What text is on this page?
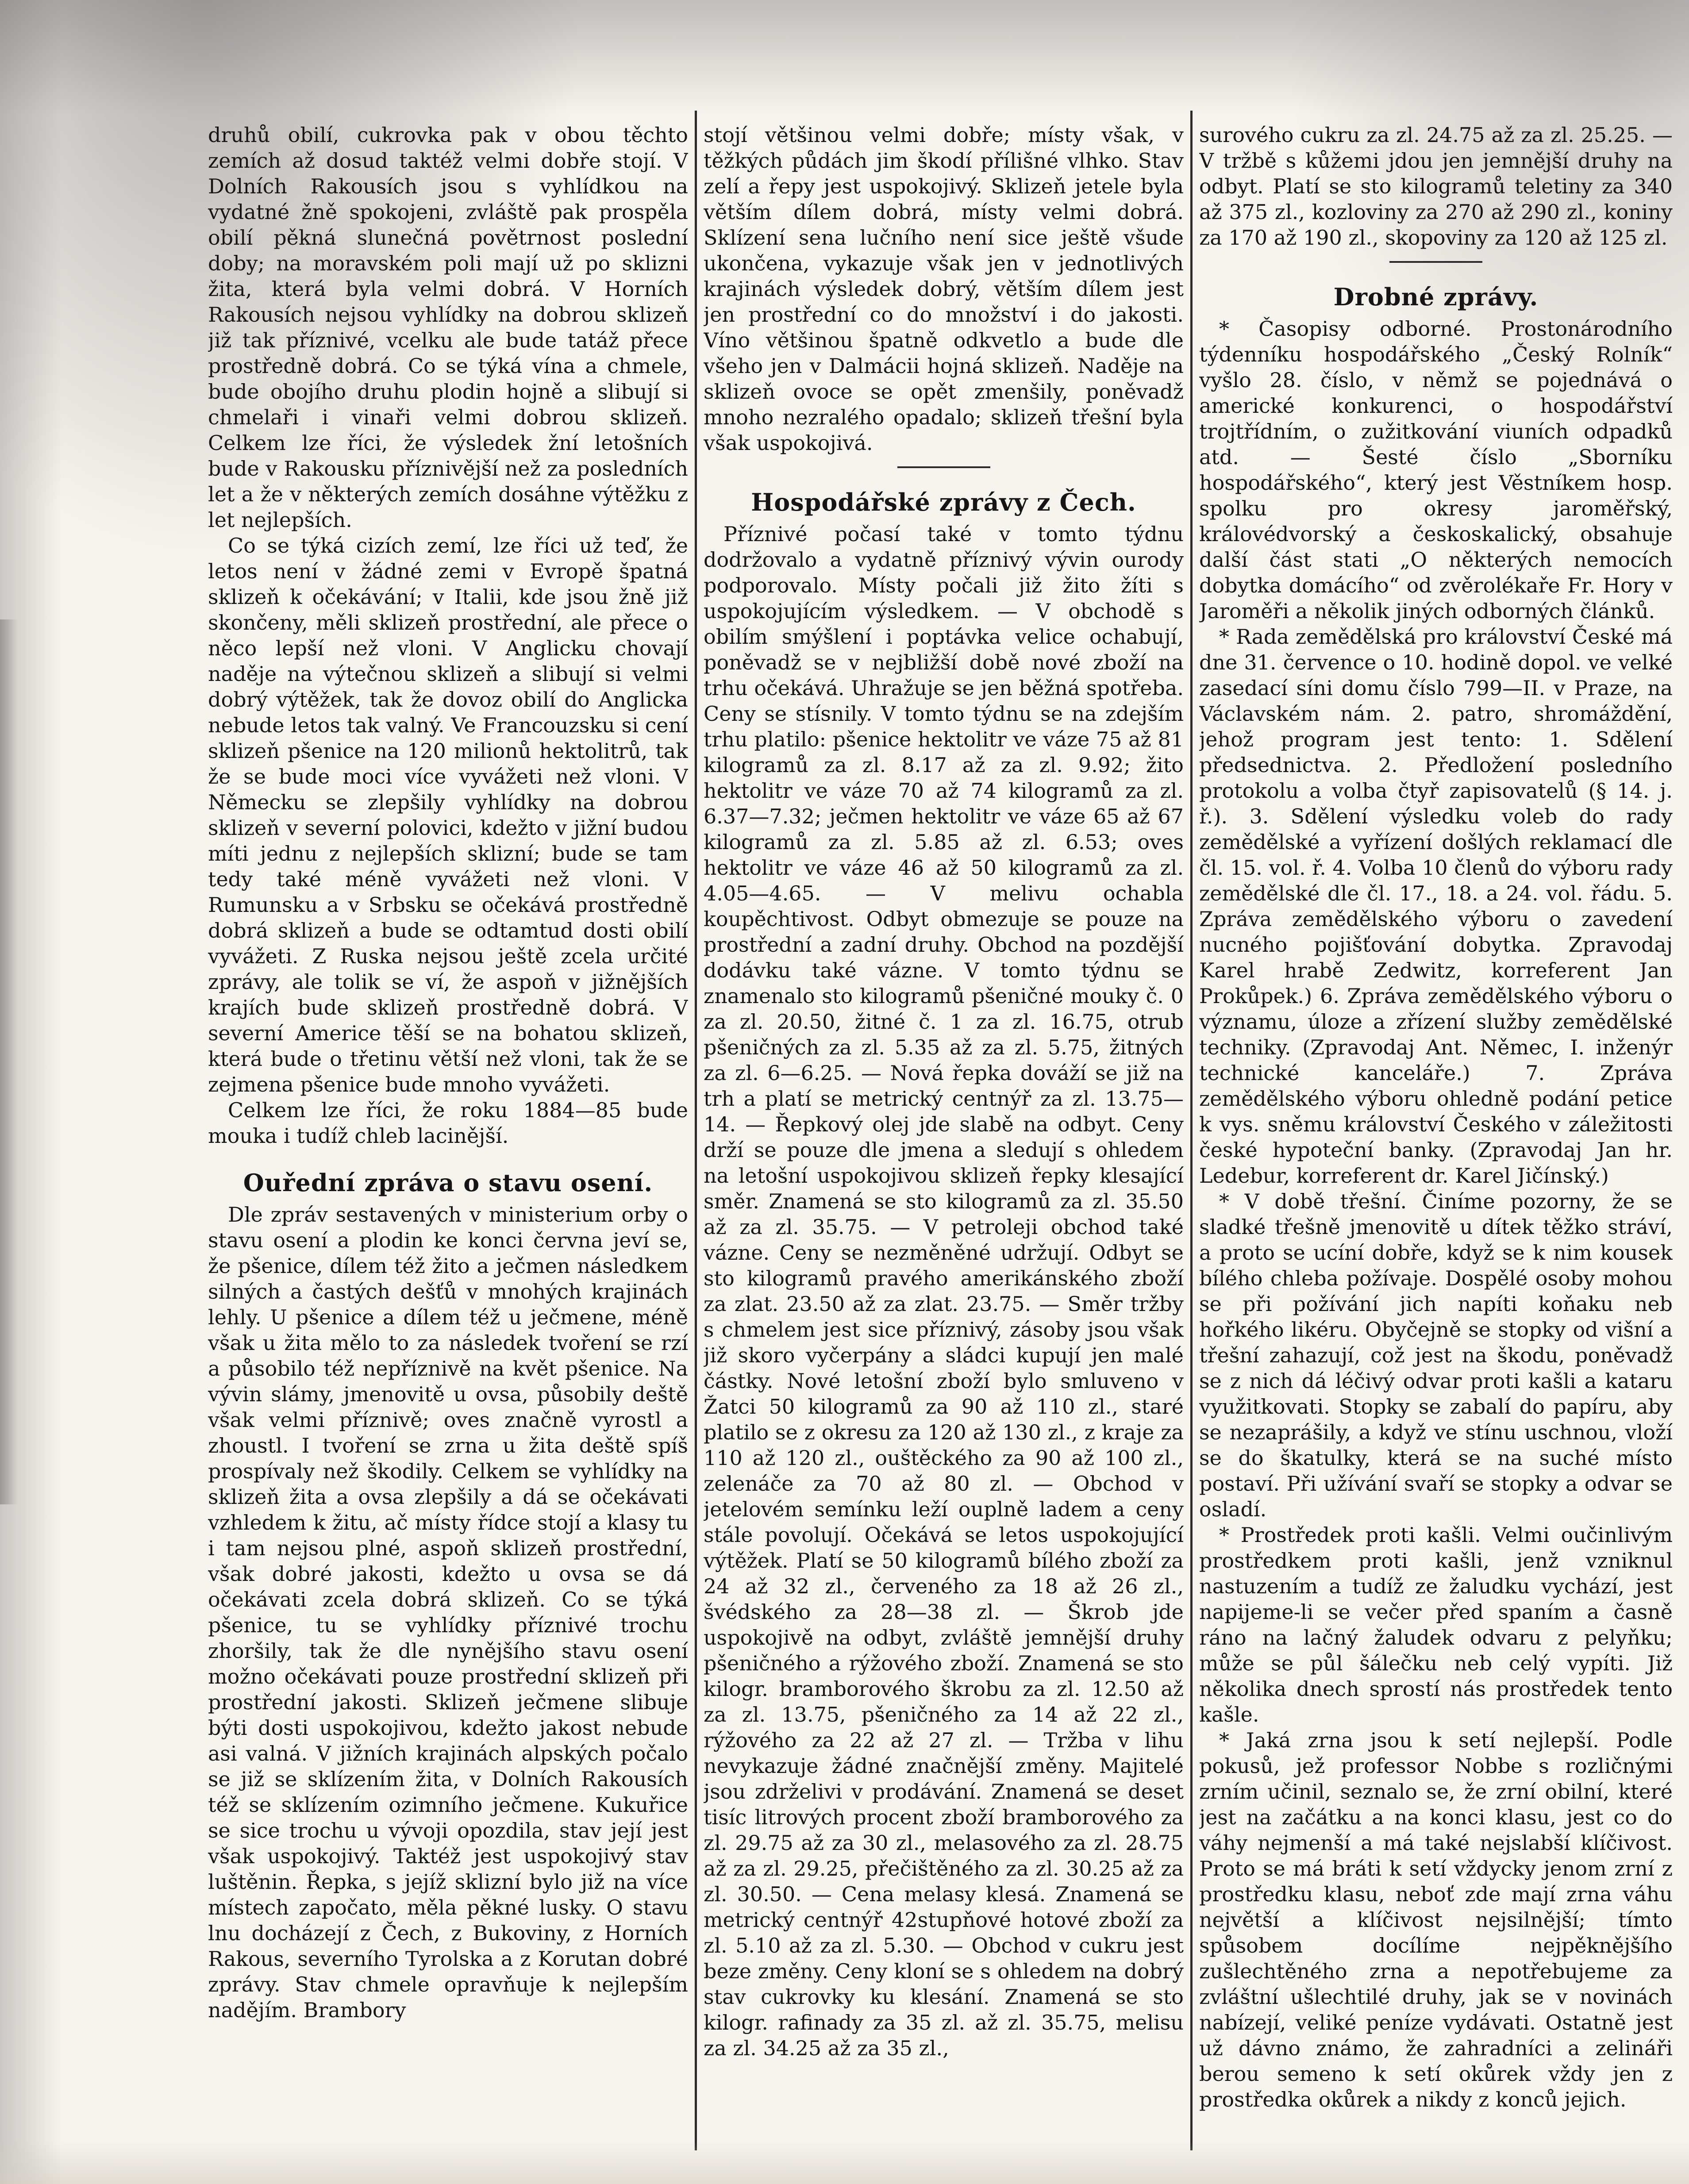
druhů obilí, cukrovka pak v obou těchto zemích až dosud taktéž velmi dobře stojí. V Dolních Rakousích jsou s vyhlídkou na vydatné žně spokojeni, zvláště pak prospěla obilí pěkná slunečná povětrnost poslední doby; na moravském poli mají už po sklizni žita, která byla velmi dobrá. V Horních Rakousích nejsou vyhlídky na dobrou sklizeň již tak příznivé, vcelku ale bude tatáž přece prostředně dobrá. Co se týká vína a chmele, bude obojího druhu plodin hojně a slibují si chmelaři i vinaři velmi dobrou sklizeň. Celkem lze říci, že výsledek žní letošních bude v Rakousku příznivější než za posledních let a že v některých zemích dosáhne výtěžku z let nejlepších.

Co se týká cizích zemí, lze říci už teď, že letos není v žádné zemi v Evropě špatná sklizeň k očekávání; v Italii, kde jsou žně již skončeny, měli sklizeň prostřední, ale přece o něco lepší než vloni. V Anglicku chovají naděje na výtečnou sklizeň a slibují si velmi dobrý výtěžek, tak že dovoz obilí do Anglicka nebude letos tak valný. Ve Francouzsku si cení sklizeň pšenice na 120 milionů hektolitrů, tak že se bude moci více vyvážeti než vloni. V Německu se zlepšily vyhlídky na dobrou sklizeň v severní polovici, kdežto v jižní budou míti jednu z nejlepších sklizní; bude se tam tedy také méně vyvážeti než vloni. V Rumunsku a v Srbsku se očekává prostředně dobrá sklizeň a bude se odtamtud dosti obilí vyvážeti. Z Ruska nejsou ještě zcela určité zprávy, ale tolik se ví, že aspoň v jižnějších krajích bude sklizeň prostředně dobrá. V severní Americe těší se na bohatou sklizeň, která bude o třetinu větší než vloni, tak že se zejmena pšenice bude mnoho vyvážeti.

Celkem lze říci, že roku 1884—85 bude mouka i tudíž chleb lacinější.

Ouřední zpráva o stavu osení.

Dle zpráv sestavených v ministerium orby o stavu osení a plodin ke konci června jeví se, že pšenice, dílem též žito a ječmen následkem silných a častých dešťů v mnohých krajinách lehly. U pšenice a dílem též u ječmene, méně však u žita mělo to za následek tvoření se rzí a působilo též nepříznivě na květ pšenice. Na vývin slámy, jmenovitě u ovsa, působily deště však velmi příznivě; oves značně vyrostl a zhoustl. I tvoření se zrna u žita deště spíš prospívaly než škodily. Celkem se vyhlídky na sklizeň žita a ovsa zlepšily a dá se očekávati vzhledem k žitu, ač místy řídce stojí a klasy tu i tam nejsou plné, aspoň sklizeň prostřední, však dobré jakosti, kdežto u ovsa se dá očekávati zcela dobrá sklizeň. Co se týká pšenice, tu se vyhlídky příznivé trochu zhoršily, tak že dle nynějšího stavu osení možno očekávati pouze prostřední sklizeň při prostřední jakosti. Sklizeň ječmene slibuje býti dosti uspokojivou, kdežto jakost nebude asi valná. V jižních krajinách alpských počalo se již se sklízením žita, v Dolních Rakousích též se sklízením ozimního ječmene. Kukuřice se sice trochu u vývoji opozdila, stav její jest však uspokojivý. Taktéž jest uspokojivý stav luštěnin. Řepka, s jejíž sklizní bylo již na více místech započato, měla pěkné lusky. O stavu lnu docházejí z Čech, z Bukoviny, z Horních Rakous, severního Tyrolska a z Korutan dobré zprávy. Stav chmele opravňuje k nejlepším nadějím. Brambory

stojí většinou velmi dobře; místy však, v těžkých půdách jim škodí přílišné vlhko. Stav zelí a řepy jest uspokojivý. Sklizeň jetele byla větším dílem dobrá, místy velmi dobrá. Sklízení sena lučního není sice ještě všude ukončena, vykazuje však jen v jednotlivých krajinách výsledek dobrý, větším dílem jest jen prostřední co do množství i do jakosti. Víno většinou špatně odkvetlo a bude dle všeho jen v Dalmácii hojná sklizeň. Naděje na sklizeň ovoce se opět zmenšily, poněvadž mnoho nezralého opadalo; sklizeň třešní byla však uspokojivá.

Hospodářské zprávy z Čech.

Příznivé počasí také v tomto týdnu dodržovalo a vydatně příznivý vývin ourody podporovalo. Místy počali již žito žíti s uspokojujícím výsledkem. — V obchodě s obilím smýšlení i poptávka velice ochabují, poněvadž se v nejbližší době nové zboží na trhu očekává. Uhražuje se jen běžná spotřeba. Ceny se stísnily. V tomto týdnu se na zdejším trhu platilo: pšenice hektolitr ve váze 75 až 81 kilogramů za zl. 8.17 až za zl. 9.92; žito hektolitr ve váze 70 až 74 kilogramů za zl. 6.37—7.32; ječmen hektolitr ve váze 65 až 67 kilogramů za zl. 5.85 až zl. 6.53; oves hektolitr ve váze 46 až 50 kilogramů za zl. 4.05—4.65. — V melivu ochabla koupěchtivost. Odbyt obmezuje se pouze na prostřední a zadní druhy. Obchod na pozdější dodávku také vázne. V tomto týdnu se znamenalo sto kilogramů pšeničné mouky č. 0 za zl. 20.50, žitné č. 1 za zl. 16.75, otrub pšeničných za zl. 5.35 až za zl. 5.75, žitných za zl. 6—6.25. — Nová řepka dováží se již na trh a platí se metrický centnýř za zl. 13.75—14. — Řepkový olej jde slabě na odbyt. Ceny drží se pouze dle jmena a sledují s ohledem na letošní uspokojivou sklizeň řepky klesající směr. Znamená se sto kilogramů za zl. 35.50 až za zl. 35.75. — V petroleji obchod také vázne. Ceny se nezměněné udržují. Odbyt se sto kilogramů pravého amerikánského zboží za zlat. 23.50 až za zlat. 23.75. — Směr tržby s chmelem jest sice příznivý, zásoby jsou však již skoro vyčerpány a sládci kupují jen malé částky. Nové letošní zboží bylo smluveno v Žatci 50 kilogramů za 90 až 110 zl., staré platilo se z okresu za 120 až 130 zl., z kraje za 110 až 120 zl., ouštěckého za 90 až 100 zl., zelenáče za 70 až 80 zl. — Obchod v jetelovém semínku leží ouplně ladem a ceny stále povolují. Očekává se letos uspokojující výtěžek. Platí se 50 kilogramů bílého zboží za 24 až 32 zl., červeného za 18 až 26 zl., švédského za 28—38 zl. — Škrob jde uspokojivě na odbyt, zvláště jemnější druhy pšeničného a rýžového zboží. Znamená se sto kilogr. bramborového škrobu za zl. 12.50 až za zl. 13.75, pšeničného za 14 až 22 zl., rýžového za 22 až 27 zl. — Tržba v lihu nevykazuje žádné značnější změny. Majitelé jsou zdrželivi v prodávání. Znamená se deset tisíc litrových procent zboží bramborového za zl. 29.75 až za 30 zl., melasového za zl. 28.75 až za zl. 29.25, přečištěného za zl. 30.25 až za zl. 30.50. — Cena melasy klesá. Znamená se metrický centnýř 42stupňové hotové zboží za zl. 5.10 až za zl. 5.30. — Obchod v cukru jest beze změny. Ceny kloní se s ohledem na dobrý stav cukrovky ku klesání. Znamená se sto kilogr. rafinady za 35 zl. až zl. 35.75, melisu za zl. 34.25 až za 35 zl.,

surového cukru za zl. 24.75 až za zl. 25.25. — V tržbě s kůžemi jdou jen jemnější druhy na odbyt. Platí se sto kilogramů teletiny za 340 až 375 zl., kozloviny za 270 až 290 zl., koniny za 170 až 190 zl., skopoviny za 120 až 125 zl.

Drobné zprávy.

* Časopisy odborné. Prostonárodního týdenníku hospodářského „Český Rolník“ vyšlo 28. číslo, v němž se pojednává o americké konkurenci, o hospodářství trojtřídním, o zužitkování viuních odpadků atd. — Šesté číslo „Sborníku hospodářského“, který jest Věstníkem hosp. spolku pro okresy jaroměřský, královédvorský a českoskalický, obsahuje další část stati „O některých nemocích dobytka domácího“ od zvěrolékaře Fr. Hory v Jaroměři a několik jiných odborných článků.

* Rada zemědělská pro království České má dne 31. července o 10. hodině dopol. ve velké zasedací síni domu číslo 799—II. v Praze, na Václavském nám. 2. patro, shromáždění, jehož program jest tento: 1. Sdělení předsednictva. 2. Předložení posledního protokolu a volba čtyř zapisovatelů (§ 14. j. ř.). 3. Sdělení výsledku voleb do rady zemědělské a vyřízení došlých reklamací dle čl. 15. vol. ř. 4. Volba 10 členů do výboru rady zemědělské dle čl. 17., 18. a 24. vol. řádu. 5. Zpráva zemědělského výboru o zavedení nucného pojišťování dobytka. Zpravodaj Karel hrabě Zedwitz, korreferent Jan Prokůpek.) 6. Zpráva zemědělského výboru o významu, úloze a zřízení služby zemědělské techniky. (Zpravodaj Ant. Němec, I. inženýr technické kanceláře.) 7. Zpráva zemědělského výboru ohledně podání petice k vys. sněmu království Českého v záležitosti české hypoteční banky. (Zpravodaj Jan hr. Ledebur, korreferent dr. Karel Jičínský.)

* V době třešní. Činíme pozorny, že se sladké třešně jmenovitě u dítek těžko stráví, a proto se ucíní dobře, když se k nim kousek bílého chleba požívaje. Dospělé osoby mohou se při požívání jich napíti koňaku neb hořkého likéru. Obyčejně se stopky od višní a třešní zahazují, což jest na škodu, poněvadž se z nich dá léčivý odvar proti kašli a kataru využitkovati. Stopky se zabalí do papíru, aby se nezaprášily, a když ve stínu uschnou, vloží se do škatulky, která se na suché místo postaví. Při užívání svaří se stopky a odvar se osladí.

* Prostředek proti kašli. Velmi oučinlivým prostředkem proti kašli, jenž vzniknul nastuzením a tudíž ze žaludku vychází, jest napijeme-li se večer před spaním a časně ráno na lačný žaludek odvaru z pelyňku; může se půl šálečku neb celý vypíti. Již několika dnech sprostí nás prostředek tento kašle.

* Jaká zrna jsou k setí nejlepší. Podle pokusů, jež professor Nobbe s rozličnými zrním učinil, seznalo se, že zrní obilní, které jest na začátku a na konci klasu, jest co do váhy nejmenší a má také nejslabší klíčivost. Proto se má bráti k setí vždycky jenom zrní z prostředku klasu, neboť zde mají zrna váhu největší a klíčivost nejsilnější; tímto spůsobem docílíme nejpěknějšího zušlechtěného zrna a nepotřebujeme za zvláštní ušlechtilé druhy, jak se v novinách nabízejí, veliké peníze vydávati. Ostatně jest už dávno známo, že zahradníci a zelináři berou semeno k setí okůrek vždy jen z prostředka okůrek a nikdy z konců jejich.
